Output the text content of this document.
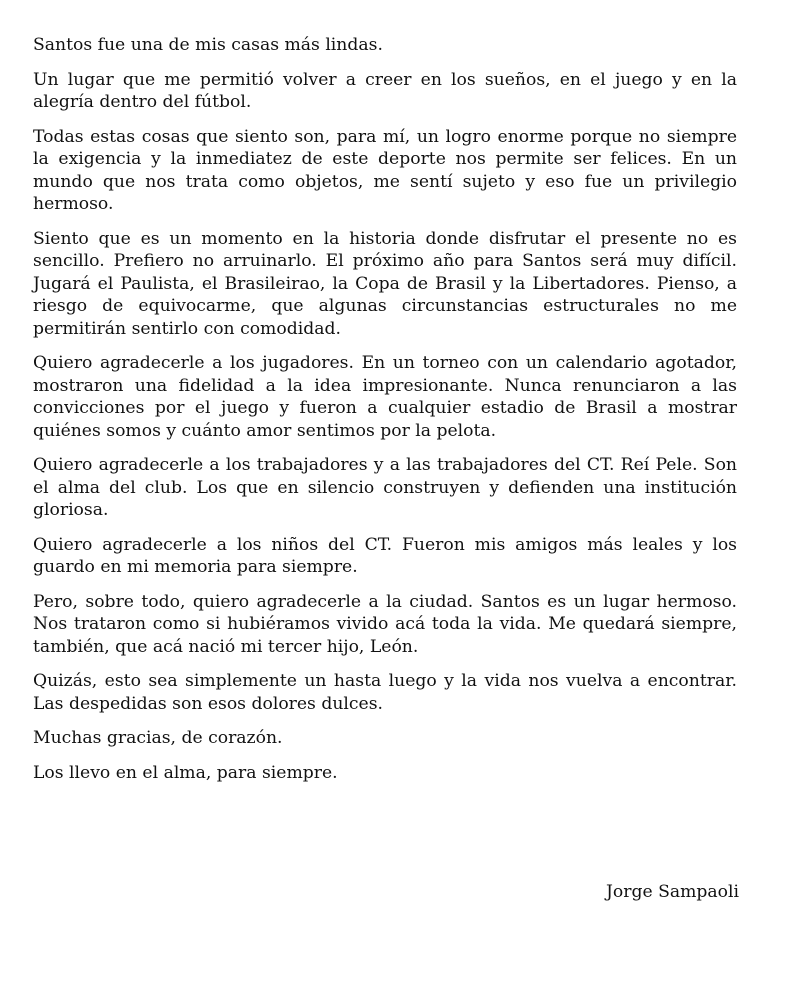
Santos fue una de mis casas más lindas.

Un lugar que me permitió volver a creer en los sueños, en el juego y en la alegría dentro del fútbol.

Todas estas cosas que siento son, para mí, un logro enorme porque no siempre la exigencia y la inmediatez de este deporte nos permite ser felices. En un mundo que nos trata como objetos, me sentí sujeto y eso fue un privilegio hermoso.

Siento que es un momento en la historia donde disfrutar el presente no es sencillo. Prefiero no arruinarlo. El próximo año para Santos será muy difícil. Jugará el Paulista, el Brasileirao, la Copa de Brasil y la Libertadores. Pienso, a riesgo de equivocarme, que algunas circunstancias estructurales no me permitirán sentirlo con comodidad.

Quiero agradecerle a los jugadores. En un torneo con un calendario agotador, mostraron una fidelidad a la idea impresionante. Nunca renunciaron a las convicciones por el juego y fueron a cualquier estadio de Brasil a mostrar quiénes somos y cuánto amor sentimos por la pelota.

Quiero agradecerle a los trabajadores y a las trabajadores del CT. Reí Pele. Son el alma del club. Los que en silencio construyen y defienden una institución gloriosa.

Quiero agradecerle a los niños del CT. Fueron mis amigos más leales y los guardo en mi memoria para siempre.

Pero, sobre todo, quiero agradecerle a la ciudad. Santos es un lugar hermoso. Nos trataron como si hubiéramos vivido acá toda la vida. Me quedará siempre, también, que acá nació mi tercer hijo, León.

Quizás, esto sea simplemente un hasta luego y la vida nos vuelva a encontrar. Las despedidas son esos dolores dulces.

Muchas gracias, de corazón.

Los llevo en el alma, para siempre.

Jorge Sampaoli
